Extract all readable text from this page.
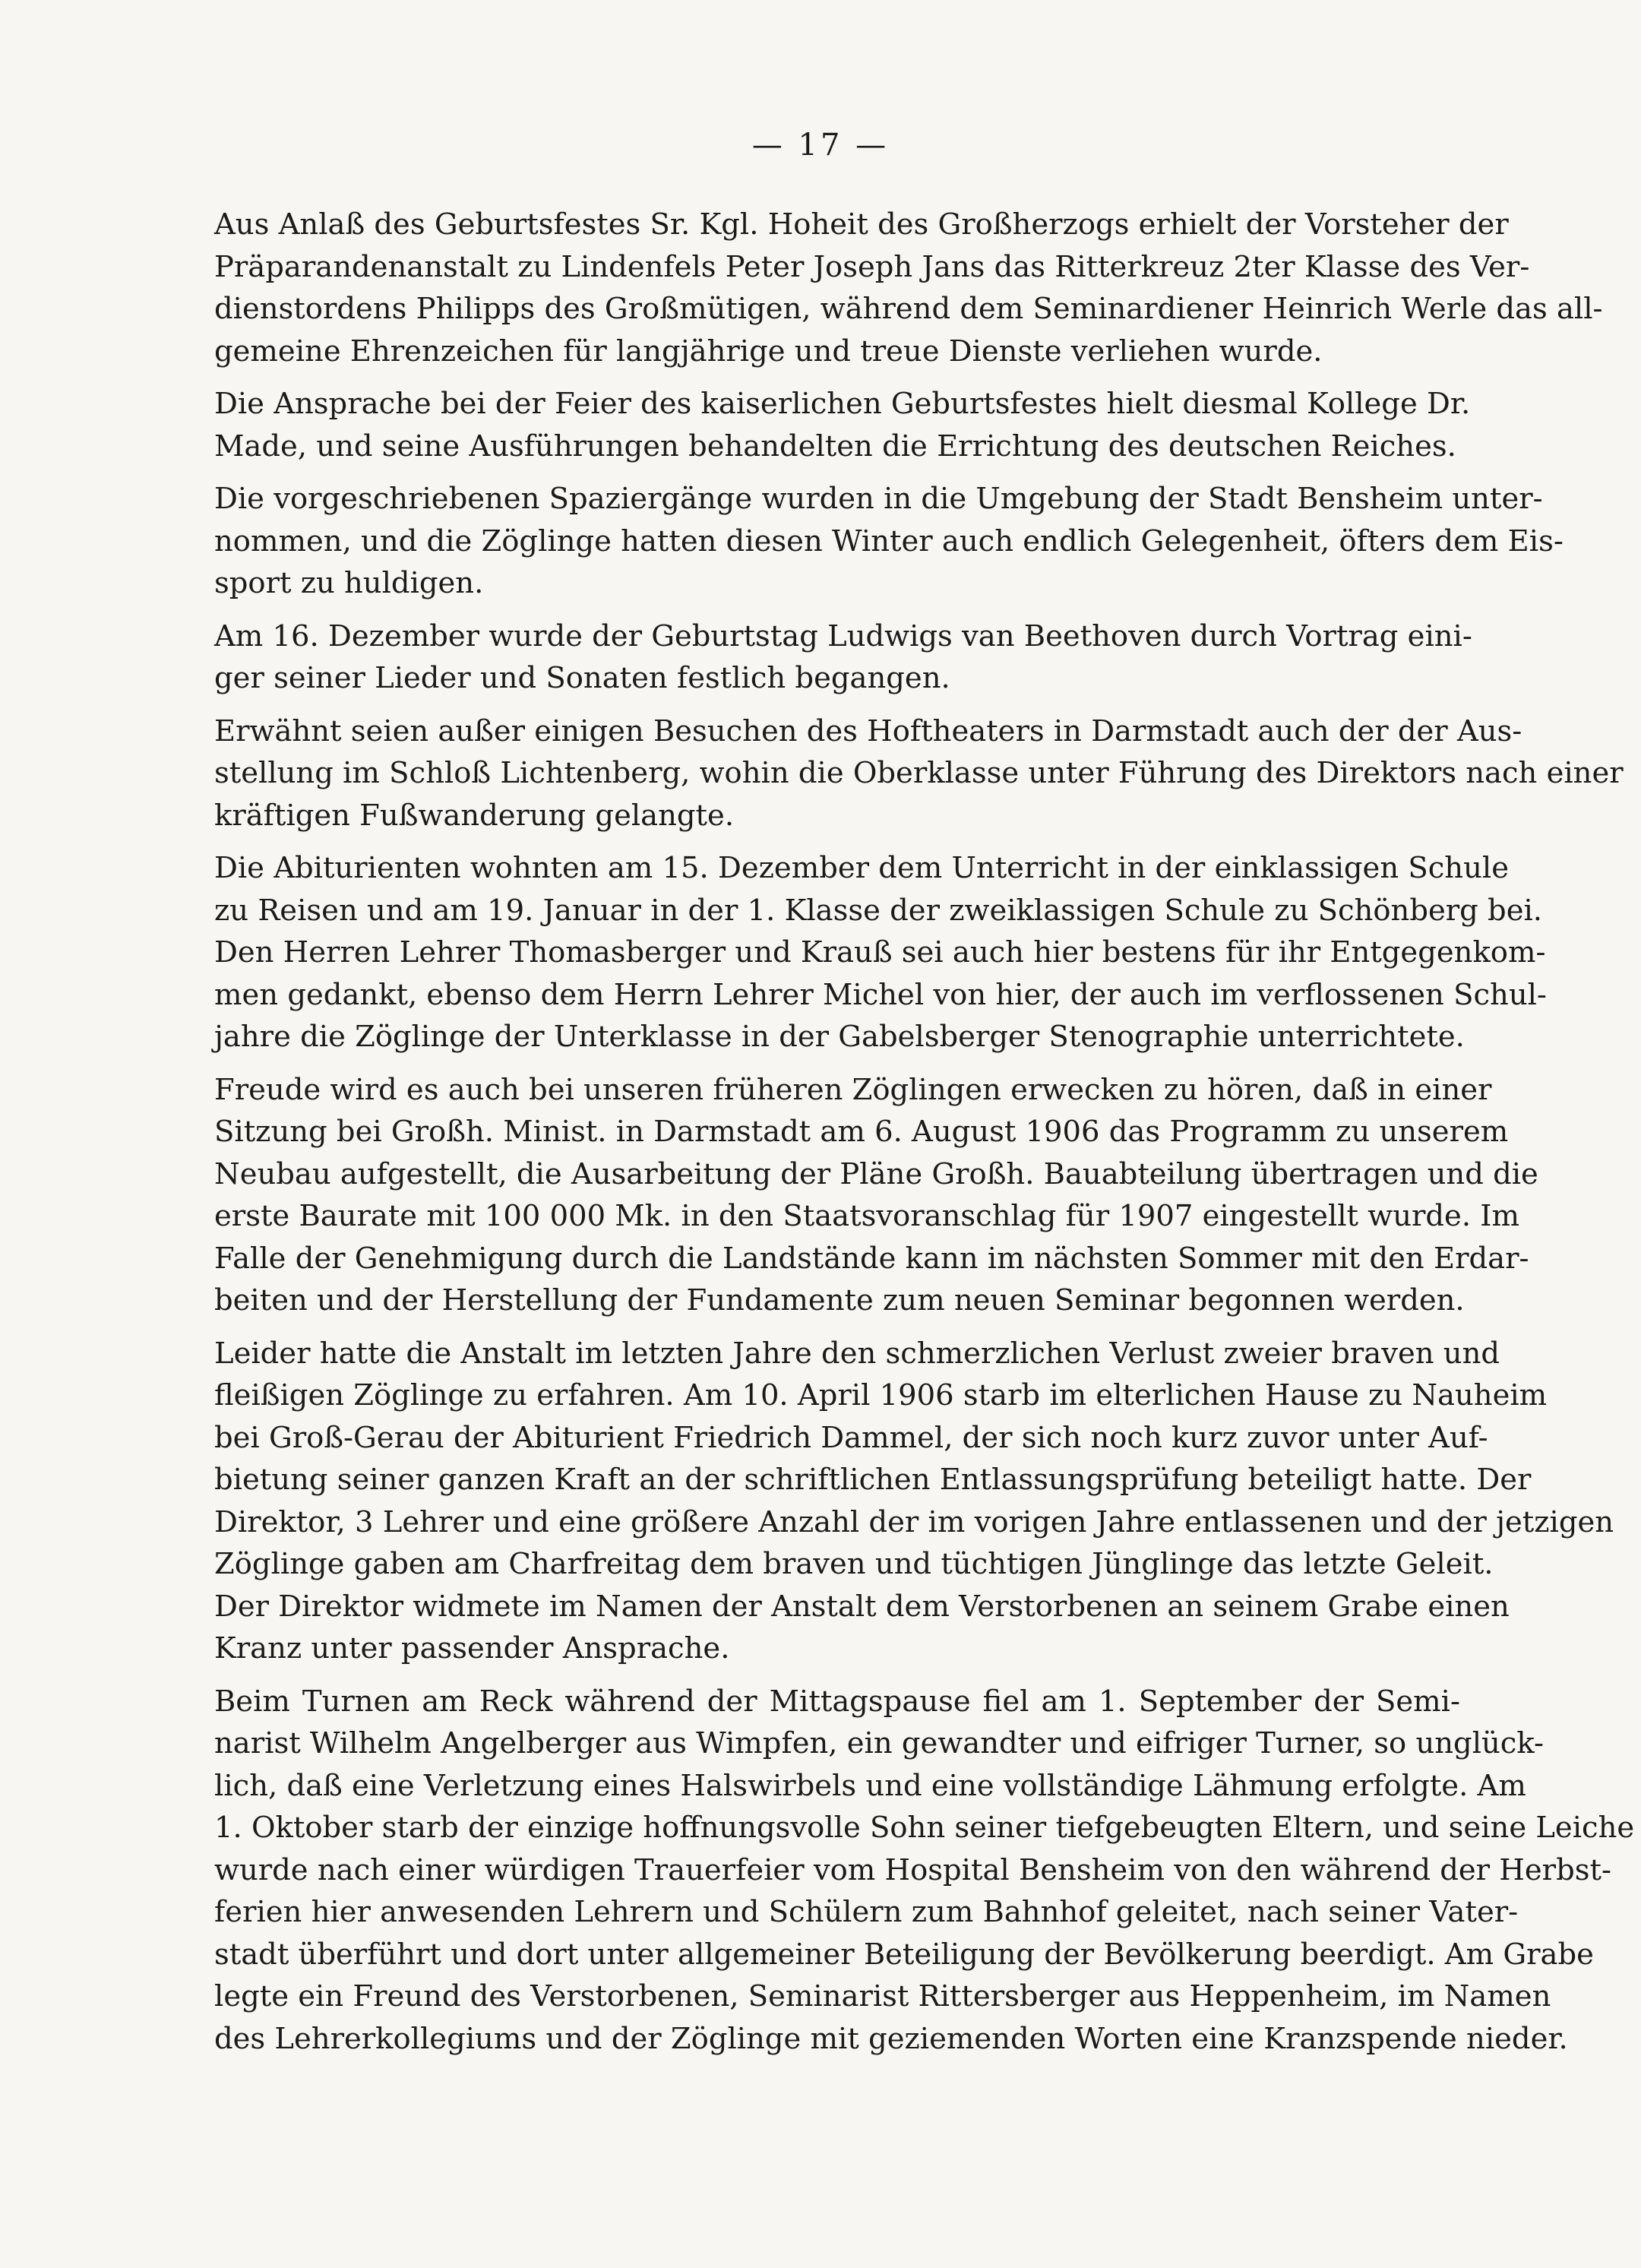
— 17 —
Aus Anlaß des Geburtsfestes Sr. Kgl. Hoheit des Großherzogs erhielt der Vorsteher der
Präparandenanstalt zu Lindenfels Peter Joseph Jans das Ritterkreuz 2ter Klasse des Ver-
dienstordens Philipps des Großmütigen, während dem Seminardiener Heinrich Werle das all-
gemeine Ehrenzeichen für langjährige und treue Dienste verliehen wurde.
Die Ansprache bei der Feier des kaiserlichen Geburtsfestes hielt diesmal Kollege Dr.
Made, und seine Ausführungen behandelten die Errichtung des deutschen Reiches.
Die vorgeschriebenen Spaziergänge wurden in die Umgebung der Stadt Bensheim unter-
nommen, und die Zöglinge hatten diesen Winter auch endlich Gelegenheit, öfters dem Eis-
sport zu huldigen.
Am 16. Dezember wurde der Geburtstag Ludwigs van Beethoven durch Vortrag eini-
ger seiner Lieder und Sonaten festlich begangen.
Erwähnt seien außer einigen Besuchen des Hoftheaters in Darmstadt auch der der Aus-
stellung im Schloß Lichtenberg, wohin die Oberklasse unter Führung des Direktors nach einer
kräftigen Fußwanderung gelangte.
Die Abiturienten wohnten am 15. Dezember dem Unterricht in der einklassigen Schule
zu Reisen und am 19. Januar in der 1. Klasse der zweiklassigen Schule zu Schönberg bei.
Den Herren Lehrer Thomasberger und Krauß sei auch hier bestens für ihr Entgegenkom-
men gedankt, ebenso dem Herrn Lehrer Michel von hier, der auch im verflossenen Schul-
jahre die Zöglinge der Unterklasse in der Gabelsberger Stenographie unterrichtete.
Freude wird es auch bei unseren früheren Zöglingen erwecken zu hören, daß in einer
Sitzung bei Großh. Minist. in Darmstadt am 6. August 1906 das Programm zu unserem
Neubau aufgestellt, die Ausarbeitung der Pläne Großh. Bauabteilung übertragen und die
erste Baurate mit 100 000 Mk. in den Staatsvoranschlag für 1907 eingestellt wurde. Im
Falle der Genehmigung durch die Landstände kann im nächsten Sommer mit den Erdar-
beiten und der Herstellung der Fundamente zum neuen Seminar begonnen werden.
Leider hatte die Anstalt im letzten Jahre den schmerzlichen Verlust zweier braven und
fleißigen Zöglinge zu erfahren. Am 10. April 1906 starb im elterlichen Hause zu Nauheim
bei Groß-Gerau der Abiturient Friedrich Dammel, der sich noch kurz zuvor unter Auf-
bietung seiner ganzen Kraft an der schriftlichen Entlassungsprüfung beteiligt hatte. Der
Direktor, 3 Lehrer und eine größere Anzahl der im vorigen Jahre entlassenen und der jetzigen
Zöglinge gaben am Charfreitag dem braven und tüchtigen Jünglinge das letzte Geleit.
Der Direktor widmete im Namen der Anstalt dem Verstorbenen an seinem Grabe einen
Kranz unter passender Ansprache.
Beim Turnen am Reck während der Mittagspause fiel am 1. September der Semi-
narist Wilhelm Angelberger aus Wimpfen, ein gewandter und eifriger Turner, so unglück-
lich, daß eine Verletzung eines Halswirbels und eine vollständige Lähmung erfolgte. Am
1. Oktober starb der einzige hoffnungsvolle Sohn seiner tiefgebeugten Eltern, und seine Leiche
wurde nach einer würdigen Trauerfeier vom Hospital Bensheim von den während der Herbst-
ferien hier anwesenden Lehrern und Schülern zum Bahnhof geleitet, nach seiner Vater-
stadt überführt und dort unter allgemeiner Beteiligung der Bevölkerung beerdigt. Am Grabe
legte ein Freund des Verstorbenen, Seminarist Rittersberger aus Heppenheim, im Namen
des Lehrerkollegiums und der Zöglinge mit geziemenden Worten eine Kranzspende nieder.
